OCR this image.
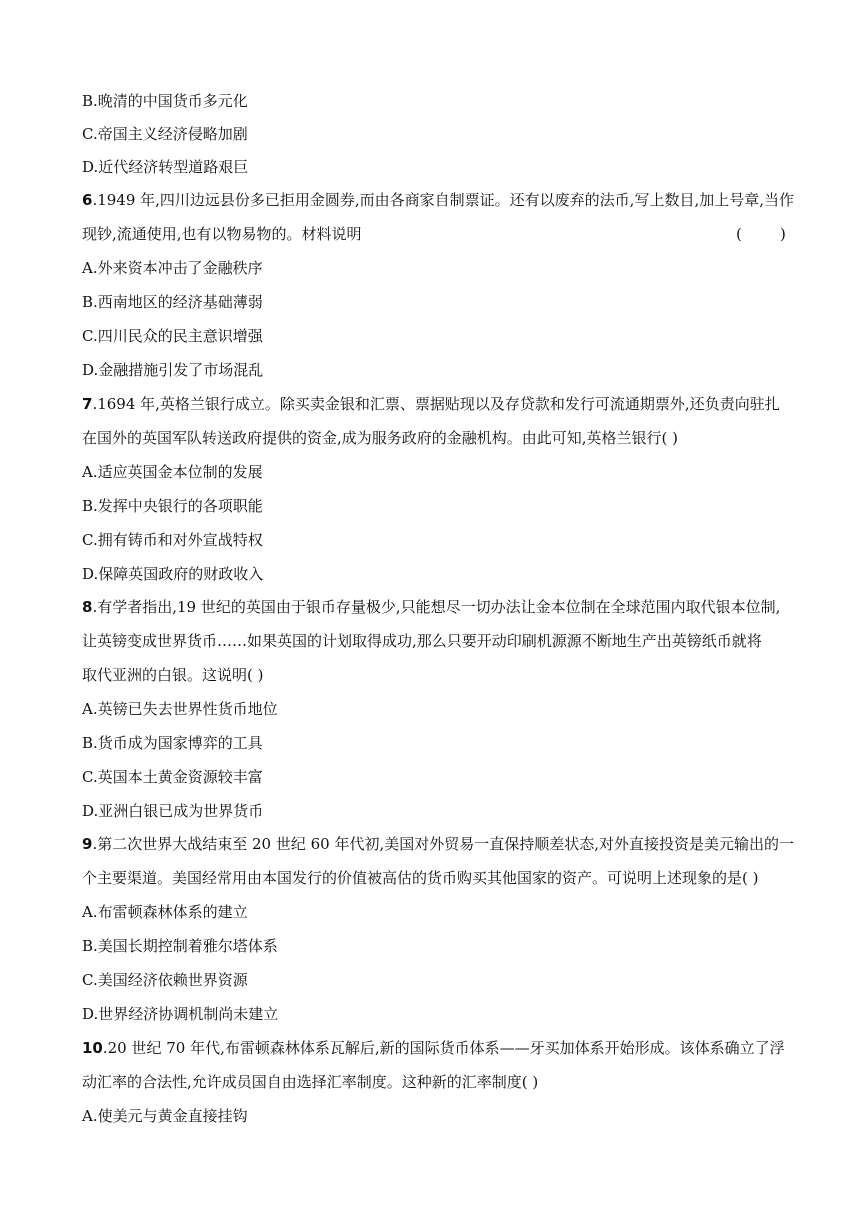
B.晚清的中国货币多元化
C.帝国主义经济侵略加剧
D.近代经济转型道路艰巨
6.1949 年,四川边远县份多已拒用金圆券,而由各商家自制票证。还有以废弃的法币,写上数目,加上号章,当作
现钞,流通使用,也有以物易物的。材料说明	(        )
A.外来资本冲击了金融秩序
B.西南地区的经济基础薄弱
C.四川民众的民主意识增强
D.金融措施引发了市场混乱
7.1694 年,英格兰银行成立。除买卖金银和汇票、票据贴现以及存贷款和发行可流通期票外,还负责向驻扎
在国外的英国军队转送政府提供的资金,成为服务政府的金融机构。由此可知,英格兰银行( )
A.适应英国金本位制的发展
B.发挥中央银行的各项职能
C.拥有铸币和对外宣战特权
D.保障英国政府的财政收入
8.有学者指出,19 世纪的英国由于银币存量极少,只能想尽一切办法让金本位制在全球范围内取代银本位制,
让英镑变成世界货币……如果英国的计划取得成功,那么只要开动印刷机源源不断地生产出英镑纸币就将
取代亚洲的白银。这说明( )
A.英镑已失去世界性货币地位
B.货币成为国家博弈的工具
C.英国本土黄金资源较丰富
D.亚洲白银已成为世界货币
9.第二次世界大战结束至 20 世纪 60 年代初,美国对外贸易一直保持顺差状态,对外直接投资是美元输出的一
个主要渠道。美国经常用由本国发行的价值被高估的货币购买其他国家的资产。可说明上述现象的是( )
A.布雷顿森林体系的建立
B.美国长期控制着雅尔塔体系
C.美国经济依赖世界资源
D.世界经济协调机制尚未建立
10.20 世纪 70 年代,布雷顿森林体系瓦解后,新的国际货币体系——牙买加体系开始形成。该体系确立了浮
动汇率的合法性,允许成员国自由选择汇率制度。这种新的汇率制度( )
A.使美元与黄金直接挂钩
